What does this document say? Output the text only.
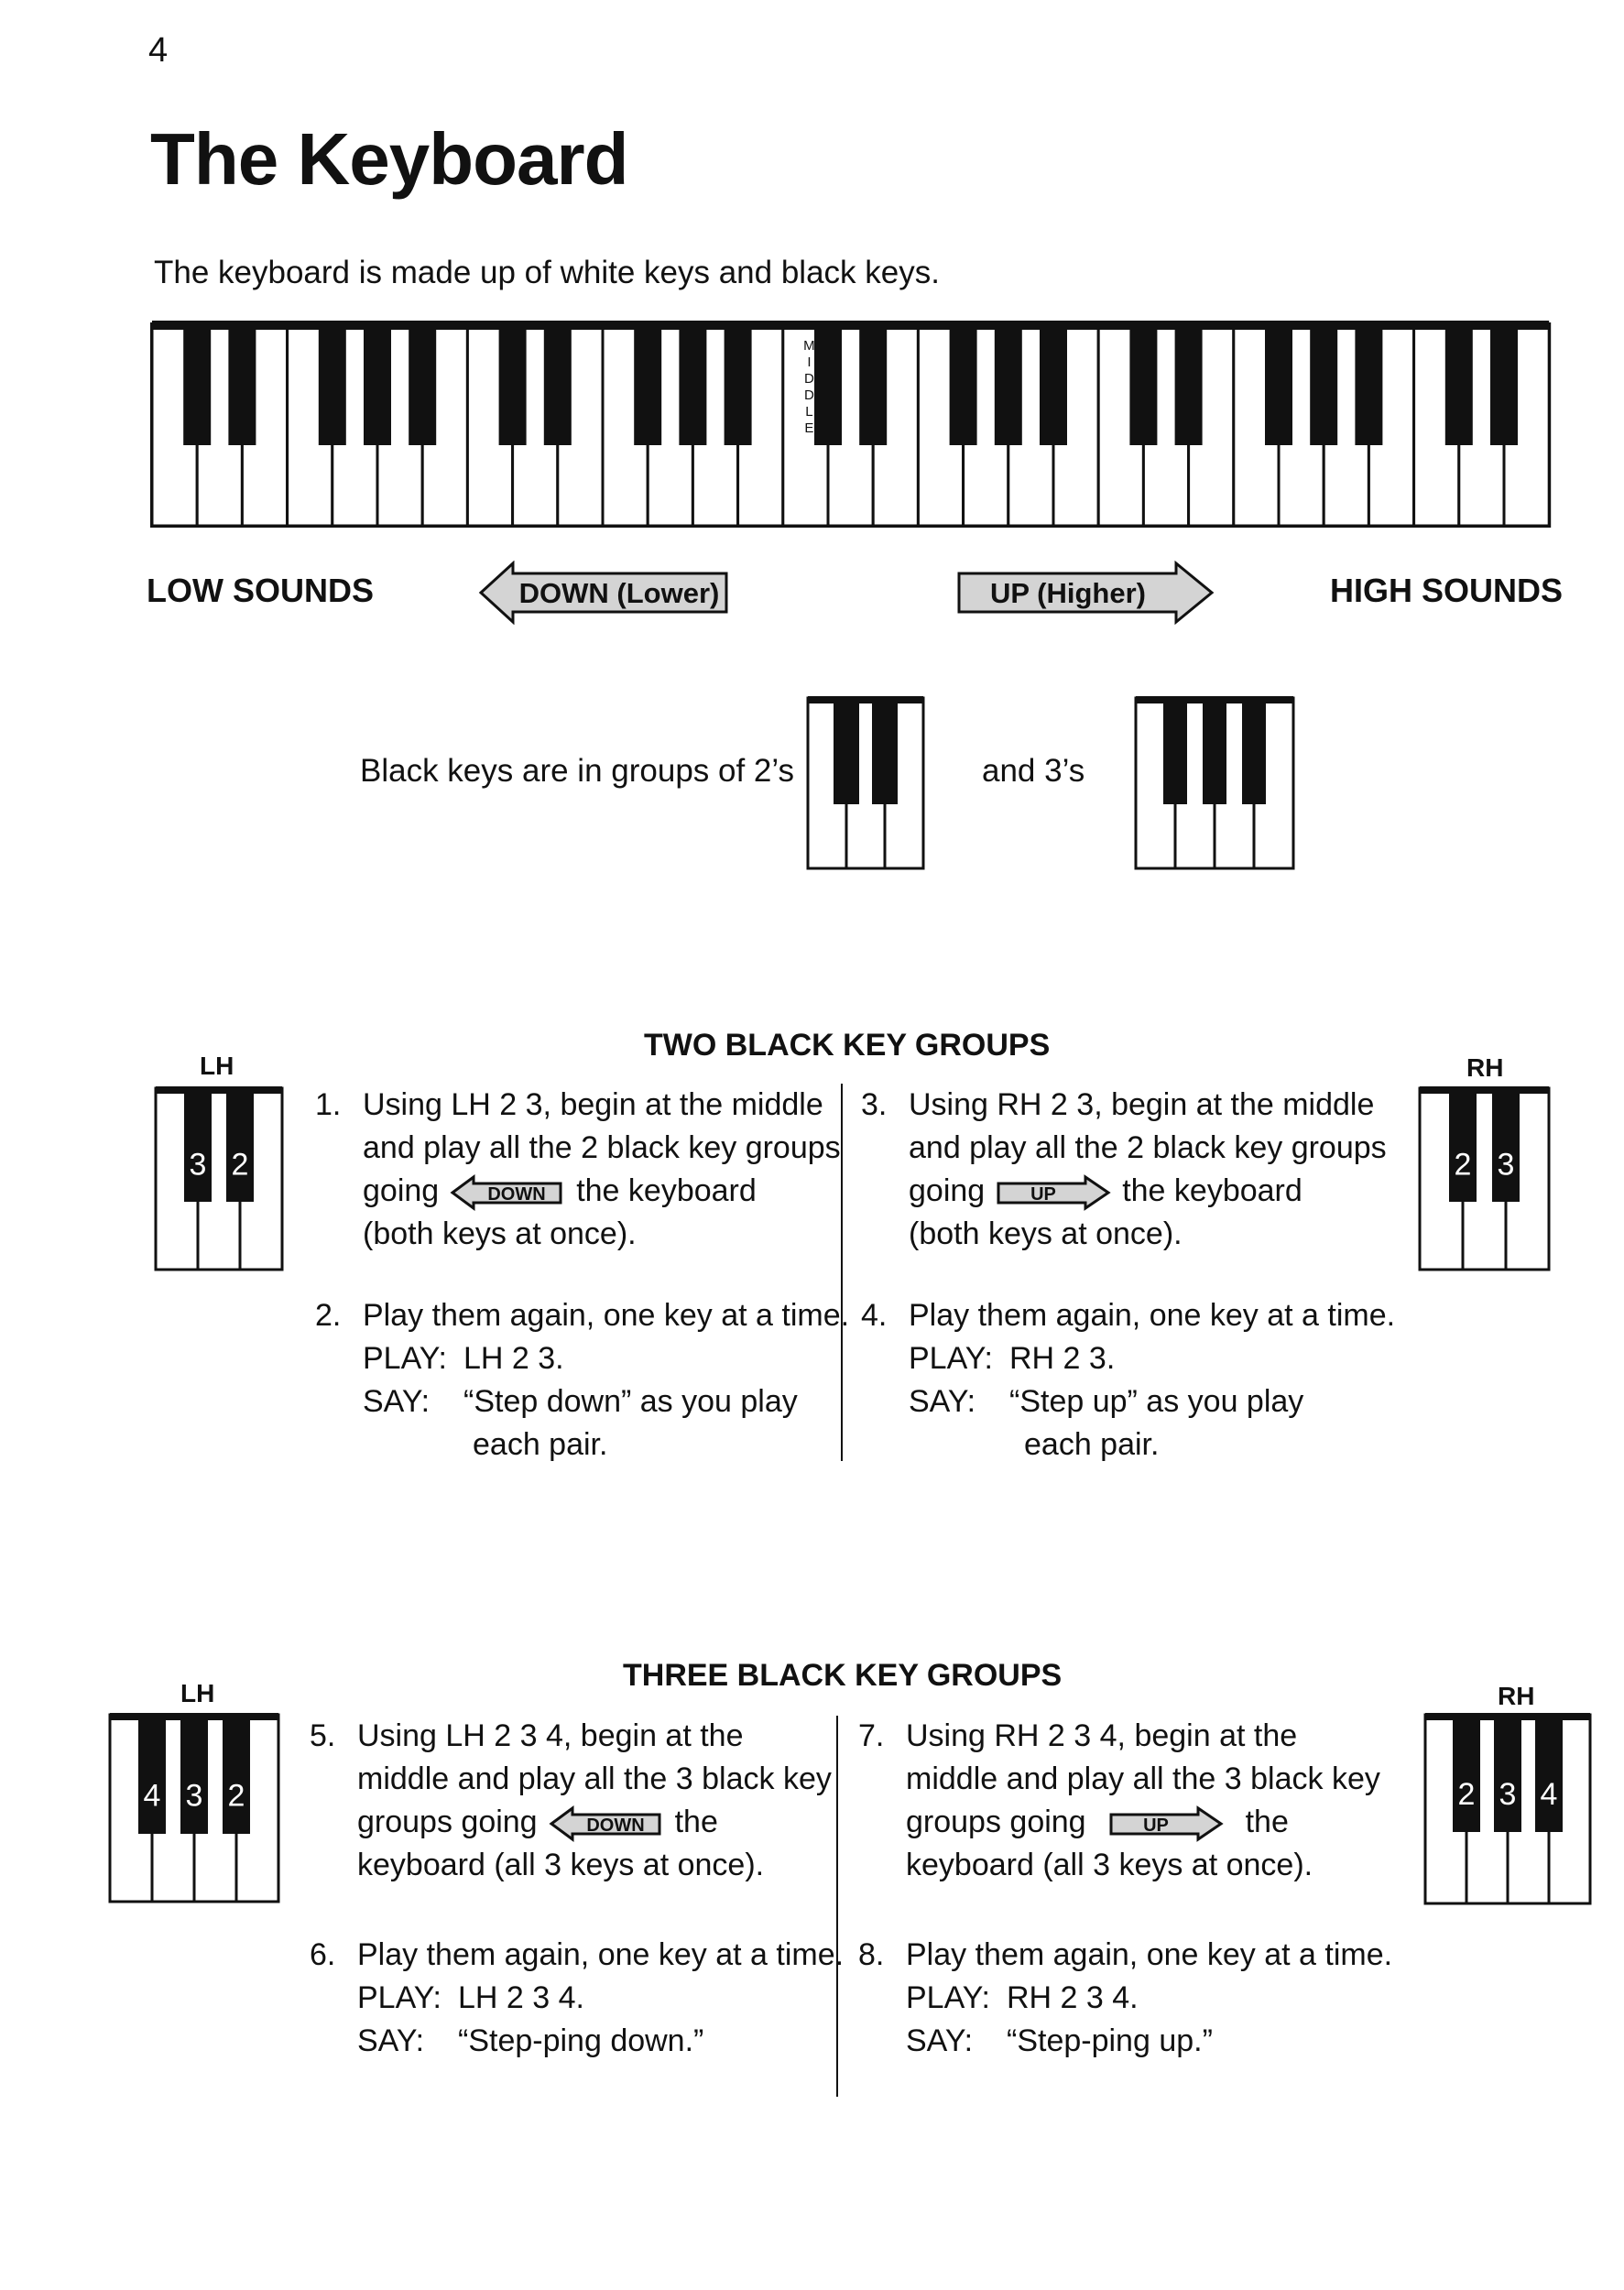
4
The Keyboard
The keyboard is made up of white keys and black keys.
M
I
D
D
L
E
LOW SOUNDS	DOWN (Lower)	UP (Higher)	HIGH SOUNDS
Black keys are in groups of 2’s	and 3’s
TWO BLACK KEY GROUPS
LH
3 2
RH
2 3
1. Using LH 2 3, begin at the middle
and play all the 2 black key groups
going	DOWN the keyboard
(both keys at once).
2. Play them again, one key at a time.
PLAY: LH 2 3.
SAY: “Step down” as you play
each pair.
3. Using RH 2 3, begin at the middle
and play all the 2 black key groups
going	UP the keyboard
(both keys at once).
4. Play them again, one key at a time.
PLAY: RH 2 3.
SAY: “Step up” as you play
each pair.
THREE BLACK KEY GROUPS
LH
4 3 2
RH
2 3 4
5. Using LH 2 3 4, begin at the
middle and play all the 3 black key
groups going	DOWN the
keyboard (all 3 keys at once).
6. Play them again, one key at a time.
PLAY: LH 2 3 4.
SAY: “Step-ping down.”
7. Using RH 2 3 4, begin at the
middle and play all the 3 black key
groups going	UP the
keyboard (all 3 keys at once).
8. Play them again, one key at a time.
PLAY: RH 2 3 4.
SAY: “Step-ping up.”
